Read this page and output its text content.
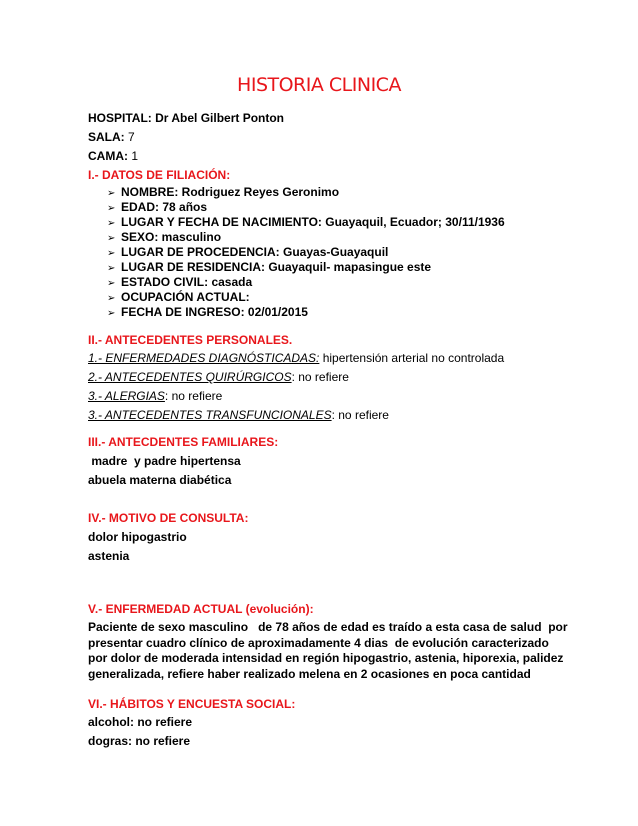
HISTORIA CLINICA
HOSPITAL: Dr Abel Gilbert Ponton
SALA: 7
CAMA: 1
I.- DATOS DE FILIACIÓN:
➢ NOMBRE: Rodriguez Reyes Geronimo
➢ EDAD: 78 años
➢ LUGAR Y FECHA DE NACIMIENTO: Guayaquil, Ecuador; 30/11/1936
➢ SEXO: masculino
➢ LUGAR DE PROCEDENCIA: Guayas-Guayaquil
➢ LUGAR DE RESIDENCIA: Guayaquil- mapasingue este
➢ ESTADO CIVIL: casada
➢ OCUPACIÓN ACTUAL:
➢ FECHA DE INGRESO: 02/01/2015
II.- ANTECEDENTES PERSONALES.
1.- ENFERMEDADES DIAGNÓSTICADAS: hipertensión arterial no controlada
2.- ANTECEDENTES QUIRÚRGICOS: no refiere
3.- ALERGIAS: no refiere
3.- ANTECEDENTES TRANSFUNCIONALES: no refiere
III.- ANTECDENTES FAMILIARES:
madre  y padre hipertensa
abuela materna diabética
IV.- MOTIVO DE CONSULTA:
dolor hipogastrio
astenia
V.- ENFERMEDAD ACTUAL (evolución):
Paciente de sexo masculino   de 78 años de edad es traído a esta casa de salud  por
presentar cuadro clínico de aproximadamente 4 dias  de evolución caracterizado
por dolor de moderada intensidad en región hipogastrio, astenia, hiporexia, palidez
generalizada, refiere haber realizado melena en 2 ocasiones en poca cantidad
VI.- HÁBITOS Y ENCUESTA SOCIAL:
alcohol: no refiere
dogras: no refiere
